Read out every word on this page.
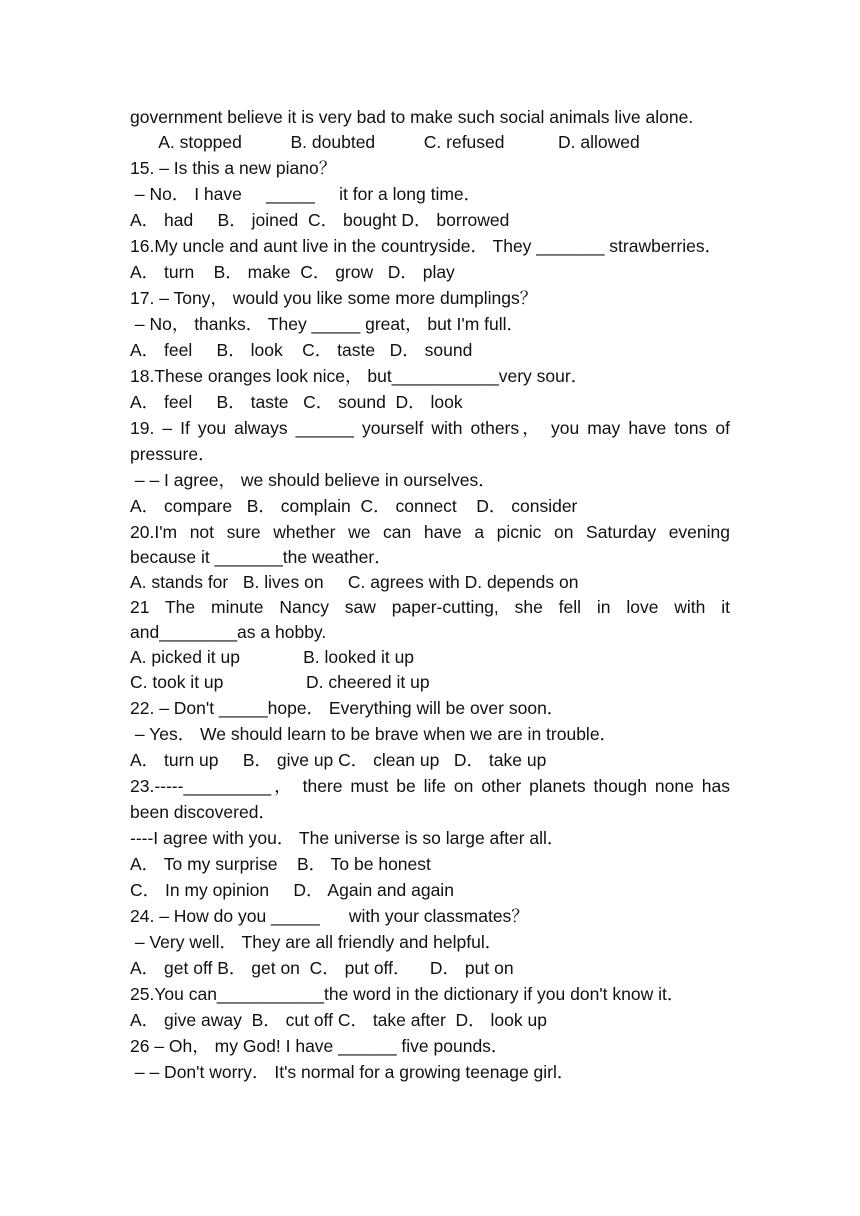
government believe it is very bad to make such social animals live alone.
A. stopped          B. doubted          C. refused           D. allowed
15. – Is this a new piano？
– No． I have     _____     it for a long time．
A． had     B． joined  C． bought D． borrowed
16.My uncle and aunt live in the countryside． They _______ strawberries．
A． turn    B． make  C． grow   D． play
17. – Tony， would you like some more dumplings？
– No， thanks． They _____ great， but I'm full．
A． feel     B． look    C． taste   D． sound
18.These oranges look nice， but___________very sour．
A． feel     B． taste   C． sound  D． look
19. – If you always ______ yourself with others， you may have tons of
pressure．
– – I agree， we should believe in ourselves．
A． compare   B． complain  C． connect    D． consider
20.I'm not sure whether we can have a picnic on Saturday evening
because it _______the weather．
A. stands for   B. lives on     C. agrees with D. depends on
21 The minute Nancy saw paper-cutting, she fell in love with it
and________as a hobby.
A. picked it up             B. looked it up
C. took it up                 D. cheered it up
22. – Don't _____hope． Everything will be over soon．
– Yes． We should learn to be brave when we are in trouble．
A． turn up     B． give up C． clean up   D． take up
23.-----_________， there must be life on other planets though none has
been discovered．
----I agree with you． The universe is so large after all．
A． To my surprise    B． To be honest
C． In my opinion     D． Again and again
24. – How do you _____      with your classmates？
– Very well． They are all friendly and helpful．
A． get off B． get on  C． put off．    D． put on
25.You can___________the word in the dictionary if you don't know it．
A． give away  B． cut off C． take after  D． look up
26 – Oh， my God! I have ______ five pounds．
– – Don't worry． It's normal for a growing teenage girl．
